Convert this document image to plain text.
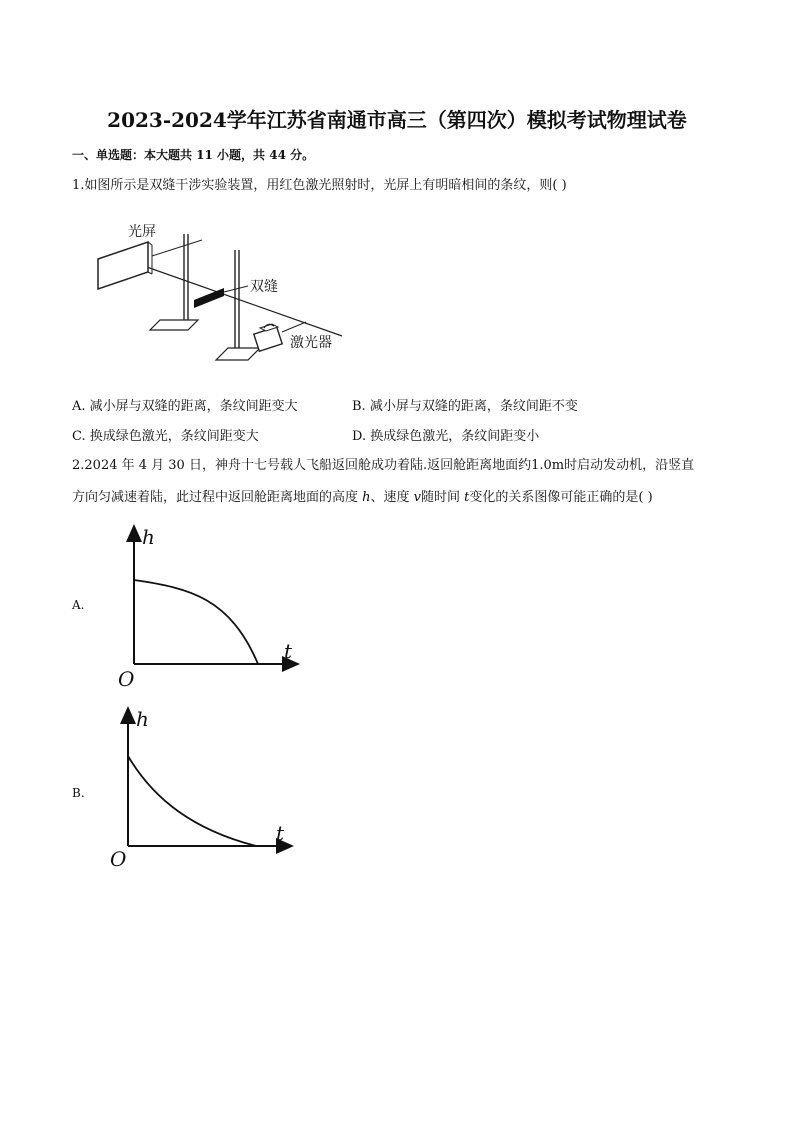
2023-2024学年江苏省南通市高三（第四次）模拟考试物理试卷
一、单选题：本大题共 11 小题，共 44 分。
1.如图所示是双缝干涉实验装置，用红色激光照射时，光屏上有明暗相间的条纹，则( )
光屏
双缝
激光器
A. 减小屏与双缝的距离，条纹间距变大	B. 减小屏与双缝的距离，条纹间距不变
C. 换成绿色激光，条纹间距变大	D. 换成绿色激光，条纹间距变小
2.2024 年 4 月 30 日，神舟十七号载人飞船返回舱成功着陆.返回舱距离地面约1.0m时启动发动机，沿竖直
方向匀减速着陆，此过程中返回舱距离地面的高度 h、速度 v随时间 t变化的关系图像可能正确的是( )
A.
h
t
O
B.
h
t
O
